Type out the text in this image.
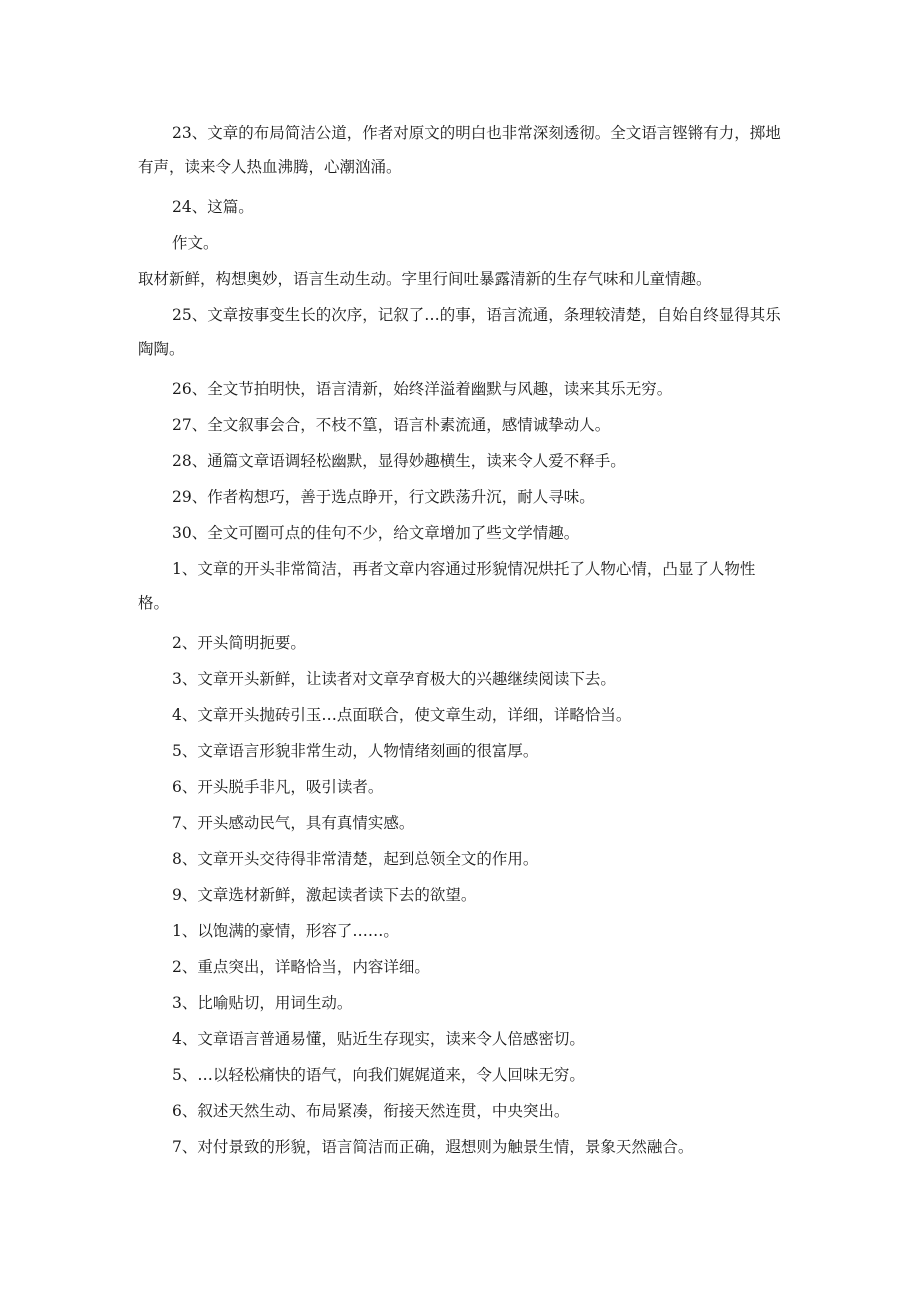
23、文章的布局简洁公道，作者对原文的明白也非常深刻透彻。全文语言铿锵有力，掷地有声，读来令人热血沸腾，心潮汹涌。

24、这篇。

作文。

取材新鲜，构想奥妙，语言生动生动。字里行间吐暴露清新的生存气味和儿童情趣。

25、文章按事变生长的次序，记叙了…的事，语言流通，条理较清楚，自始自终显得其乐陶陶。

26、全文节拍明快，语言清新，始终洋溢着幽默与风趣，读来其乐无穷。

27、全文叙事会合，不枝不篁，语言朴素流通，感情诚挚动人。

28、通篇文章语调轻松幽默，显得妙趣横生，读来令人爱不释手。

29、作者构想巧，善于选点睁开，行文跌荡升沉，耐人寻味。

30、全文可圈可点的佳句不少，给文章增加了些文学情趣。

1、文章的开头非常简洁，再者文章内容通过形貌情况烘托了人物心情，凸显了人物性格。

2、开头简明扼要。

3、文章开头新鲜，让读者对文章孕育极大的兴趣继续阅读下去。

4、文章开头抛砖引玉…点面联合，使文章生动，详细，详略恰当。

5、文章语言形貌非常生动，人物情绪刻画的很富厚。

6、开头脱手非凡，吸引读者。

7、开头感动民气，具有真情实感。

8、文章开头交待得非常清楚，起到总领全文的作用。

9、文章选材新鲜，激起读者读下去的欲望。

1、以饱满的豪情，形容了……。

2、重点突出，详略恰当，内容详细。

3、比喻贴切，用词生动。

4、文章语言普通易懂，贴近生存现实，读来令人倍感密切。

5、…以轻松痛快的语气，向我们娓娓道来，令人回味无穷。

6、叙述天然生动、布局紧凑，衔接天然连贯，中央突出。

7、对付景致的形貌，语言简洁而正确，遐想则为触景生情，景象天然融合。
